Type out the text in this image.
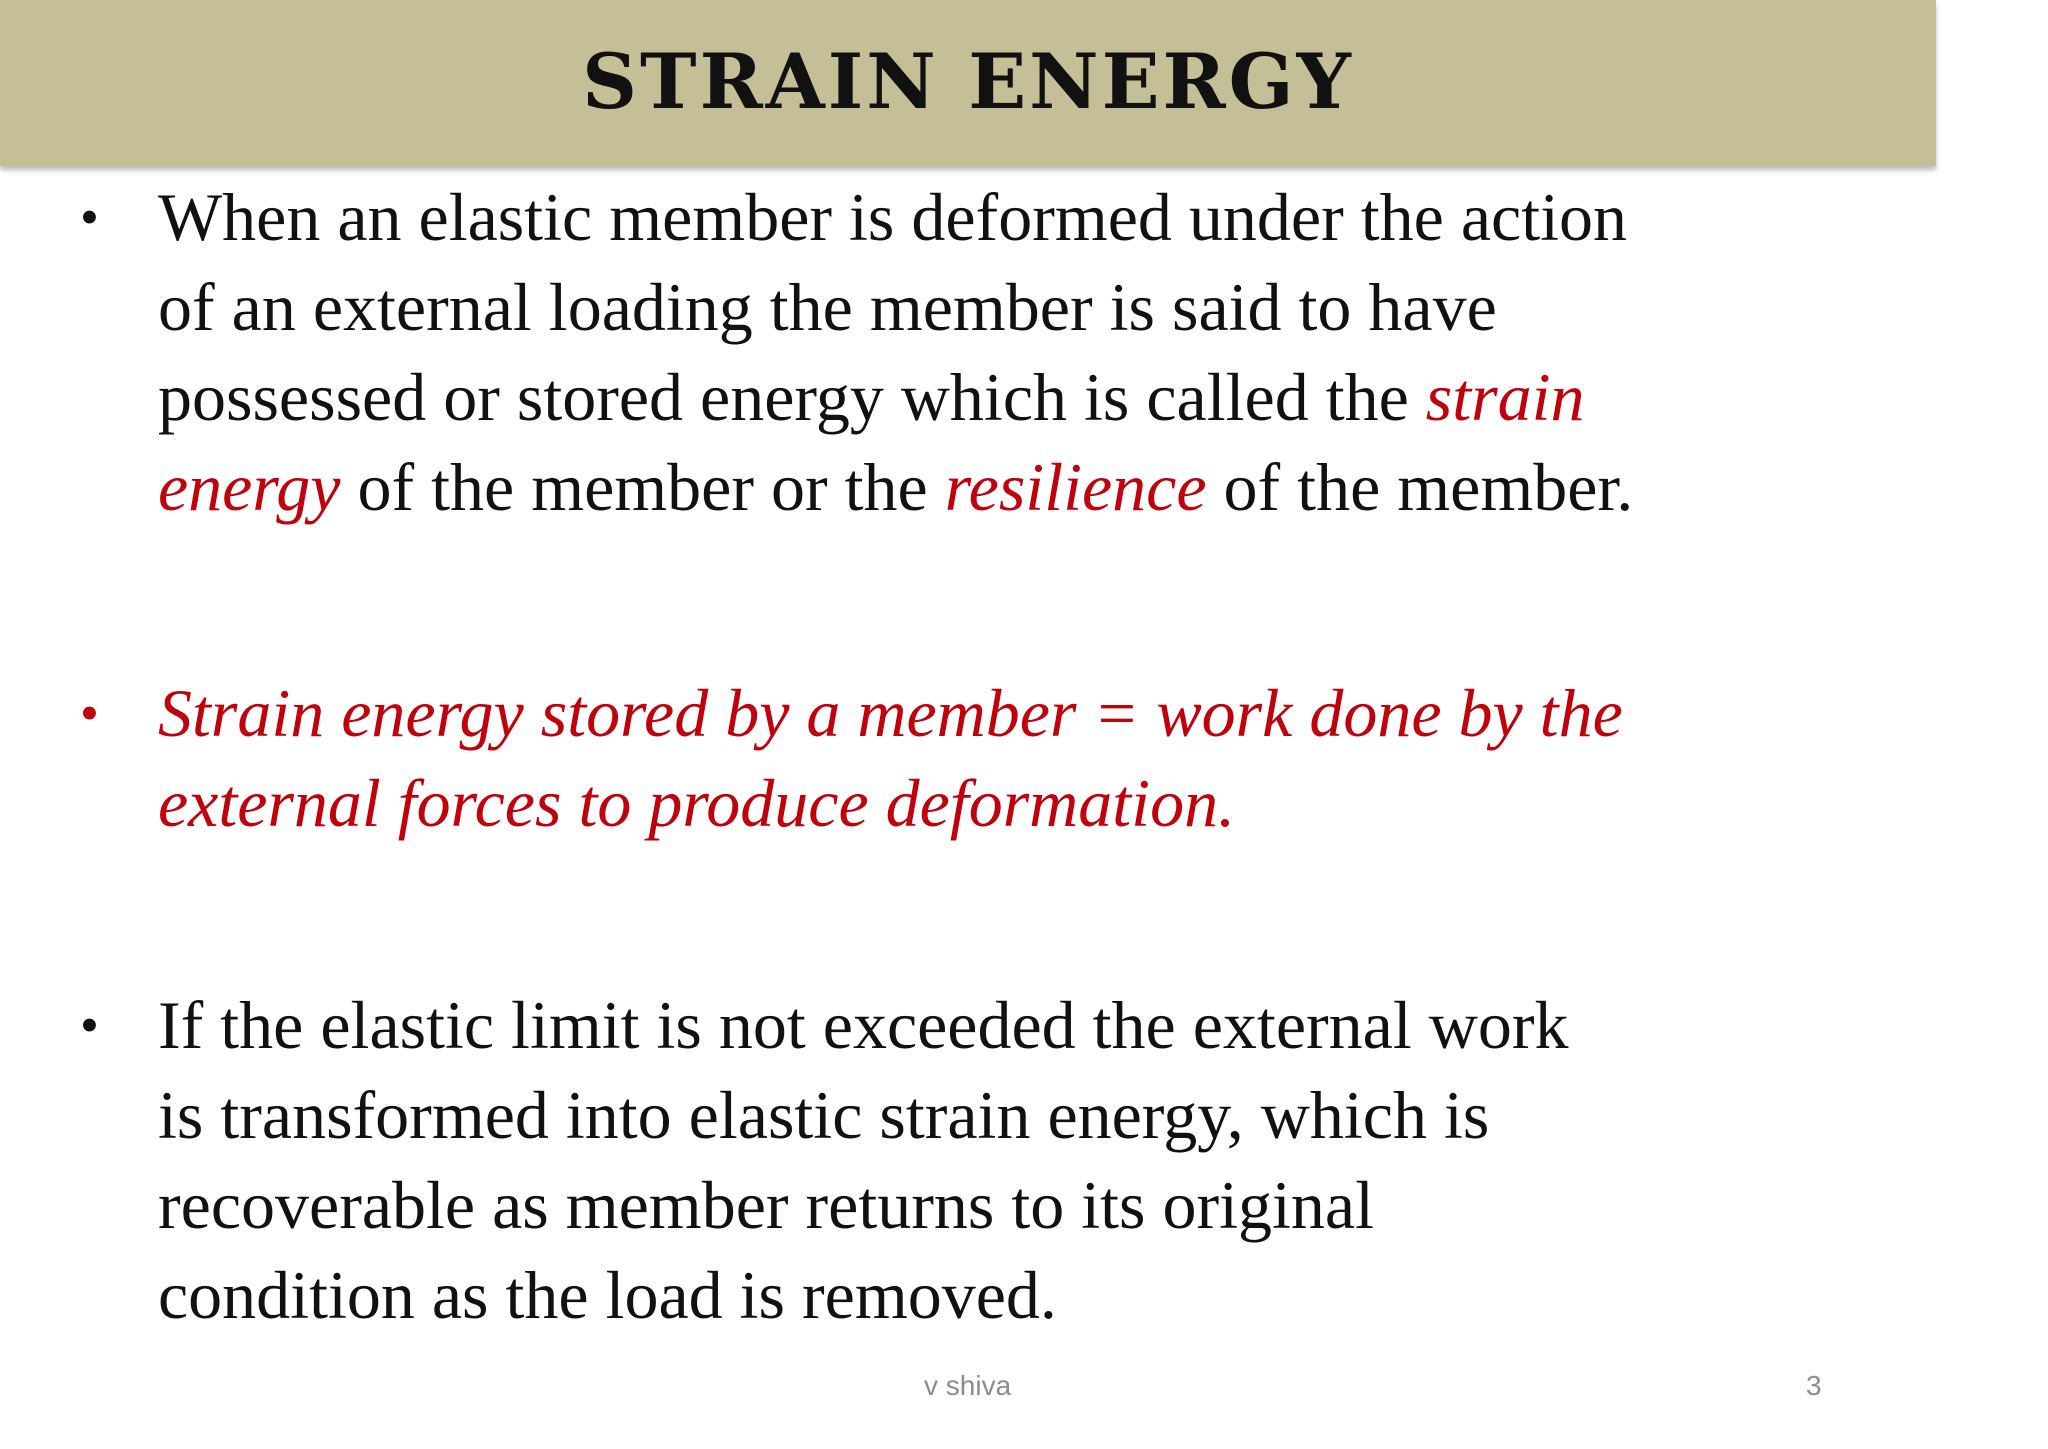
STRAIN ENERGY
• When an elastic member is deformed under the action
of an external loading the member is said to have
possessed or stored energy which is called the strain
energy of the member or the resilience of the member.
• Strain energy stored by a member = work done by the
external forces to produce deformation.
• If the elastic limit is not exceeded the external work
is transformed into elastic strain energy, which is
recoverable as member returns to its original
condition as the load is removed.
v shiva	3
